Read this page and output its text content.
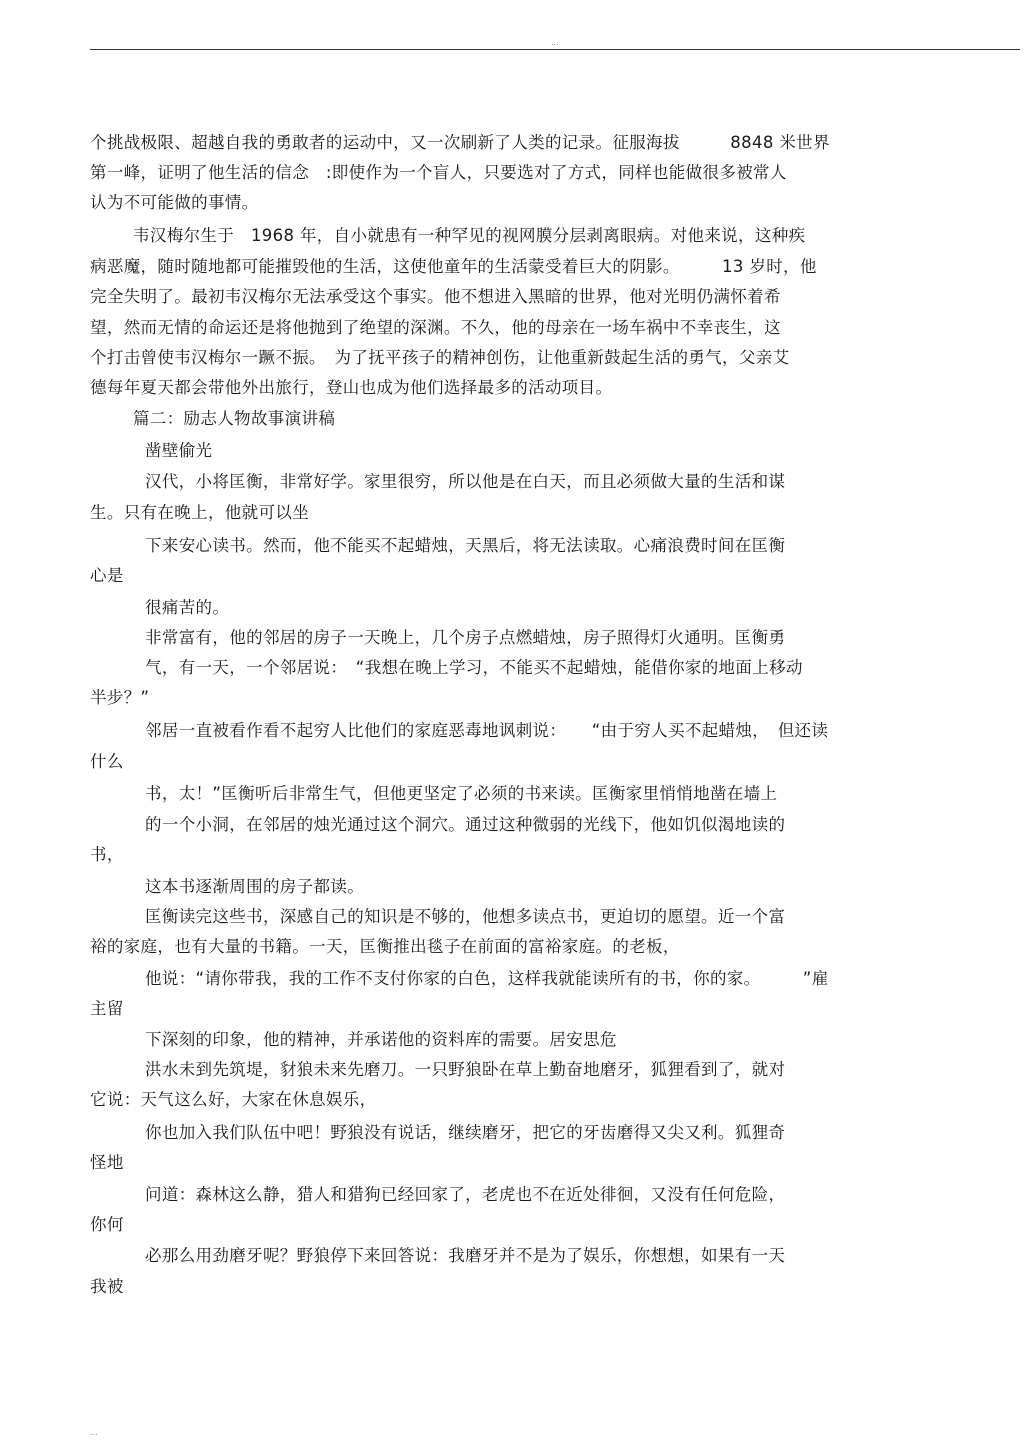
...
个挑战极限、超越自我的勇敢者的运动中，又一次刷新了人类的记录。征服海拔　　　8848 米世界
第一峰，证明了他生活的信念　:即使作为一个盲人，只要选对了方式，同样也能做很多被常人
认为不可能做的事情。
韦汉梅尔生于　1968 年，自小就患有一种罕见的视网膜分层剥离眼病。对他来说，这种疾
病恶魔，随时随地都可能摧毁他的生活，这使他童年的生活蒙受着巨大的阴影。　　　13 岁时，他
完全失明了。最初韦汉梅尔无法承受这个事实。他不想进入黑暗的世界，他对光明仍满怀着希
望，然而无情的命运还是将他抛到了绝望的深渊。不久，他的母亲在一场车祸中不幸丧生，这
个打击曾使韦汉梅尔一蹶不振。　为了抚平孩子的精神创伤，让他重新鼓起生活的勇气，父亲艾
德每年夏天都会带他外出旅行，登山也成为他们选择最多的活动项目。
篇二：励志人物故事演讲稿
凿壁偷光
汉代，小将匡衡，非常好学。家里很穷，所以他是在白天，而且必须做大量的生活和谋
生。只有在晚上，他就可以坐
下来安心读书。然而，他不能买不起蜡烛，天黑后，将无法读取。心痛浪费时间在匡衡
心是
很痛苦的。
非常富有，他的邻居的房子一天晚上，几个房子点燃蜡烛，房子照得灯火通明。匡衡勇
气，有一天，一个邻居说：　“我想在晚上学习，不能买不起蜡烛，能借你家的地面上移动
半步？”
邻居一直被看作看不起穷人比他们的家庭恶毒地讽刺说：　　“由于穷人买不起蜡烛，　但还读
什么
书，太！”匡衡听后非常生气，但他更坚定了必须的书来读。匡衡家里悄悄地凿在墙上
的一个小洞，在邻居的烛光通过这个洞穴。通过这种微弱的光线下，他如饥似渴地读的
书，
这本书逐渐周围的房子都读。
匡衡读完这些书，深感自己的知识是不够的，他想多读点书，更迫切的愿望。近一个富
裕的家庭，也有大量的书籍。一天，匡衡推出毯子在前面的富裕家庭。的老板，
他说：“请你带我，我的工作不支付你家的白色，这样我就能读所有的书，你的家。　　　”雇
主留
下深刻的印象，他的精神，并承诺他的资料库的需要。居安思危
洪水未到先筑堤，豺狼未来先磨刀。一只野狼卧在草上勤奋地磨牙，狐狸看到了，就对
它说：天气这么好，大家在休息娱乐，
你也加入我们队伍中吧！野狼没有说话，继续磨牙，把它的牙齿磨得又尖又利。狐狸奇
怪地
问道：森林这么静，猎人和猎狗已经回家了，老虎也不在近处徘徊，又没有任何危险，
你何
必那么用劲磨牙呢？野狼停下来回答说：我磨牙并不是为了娱乐，你想想，如果有一天
我被
...
